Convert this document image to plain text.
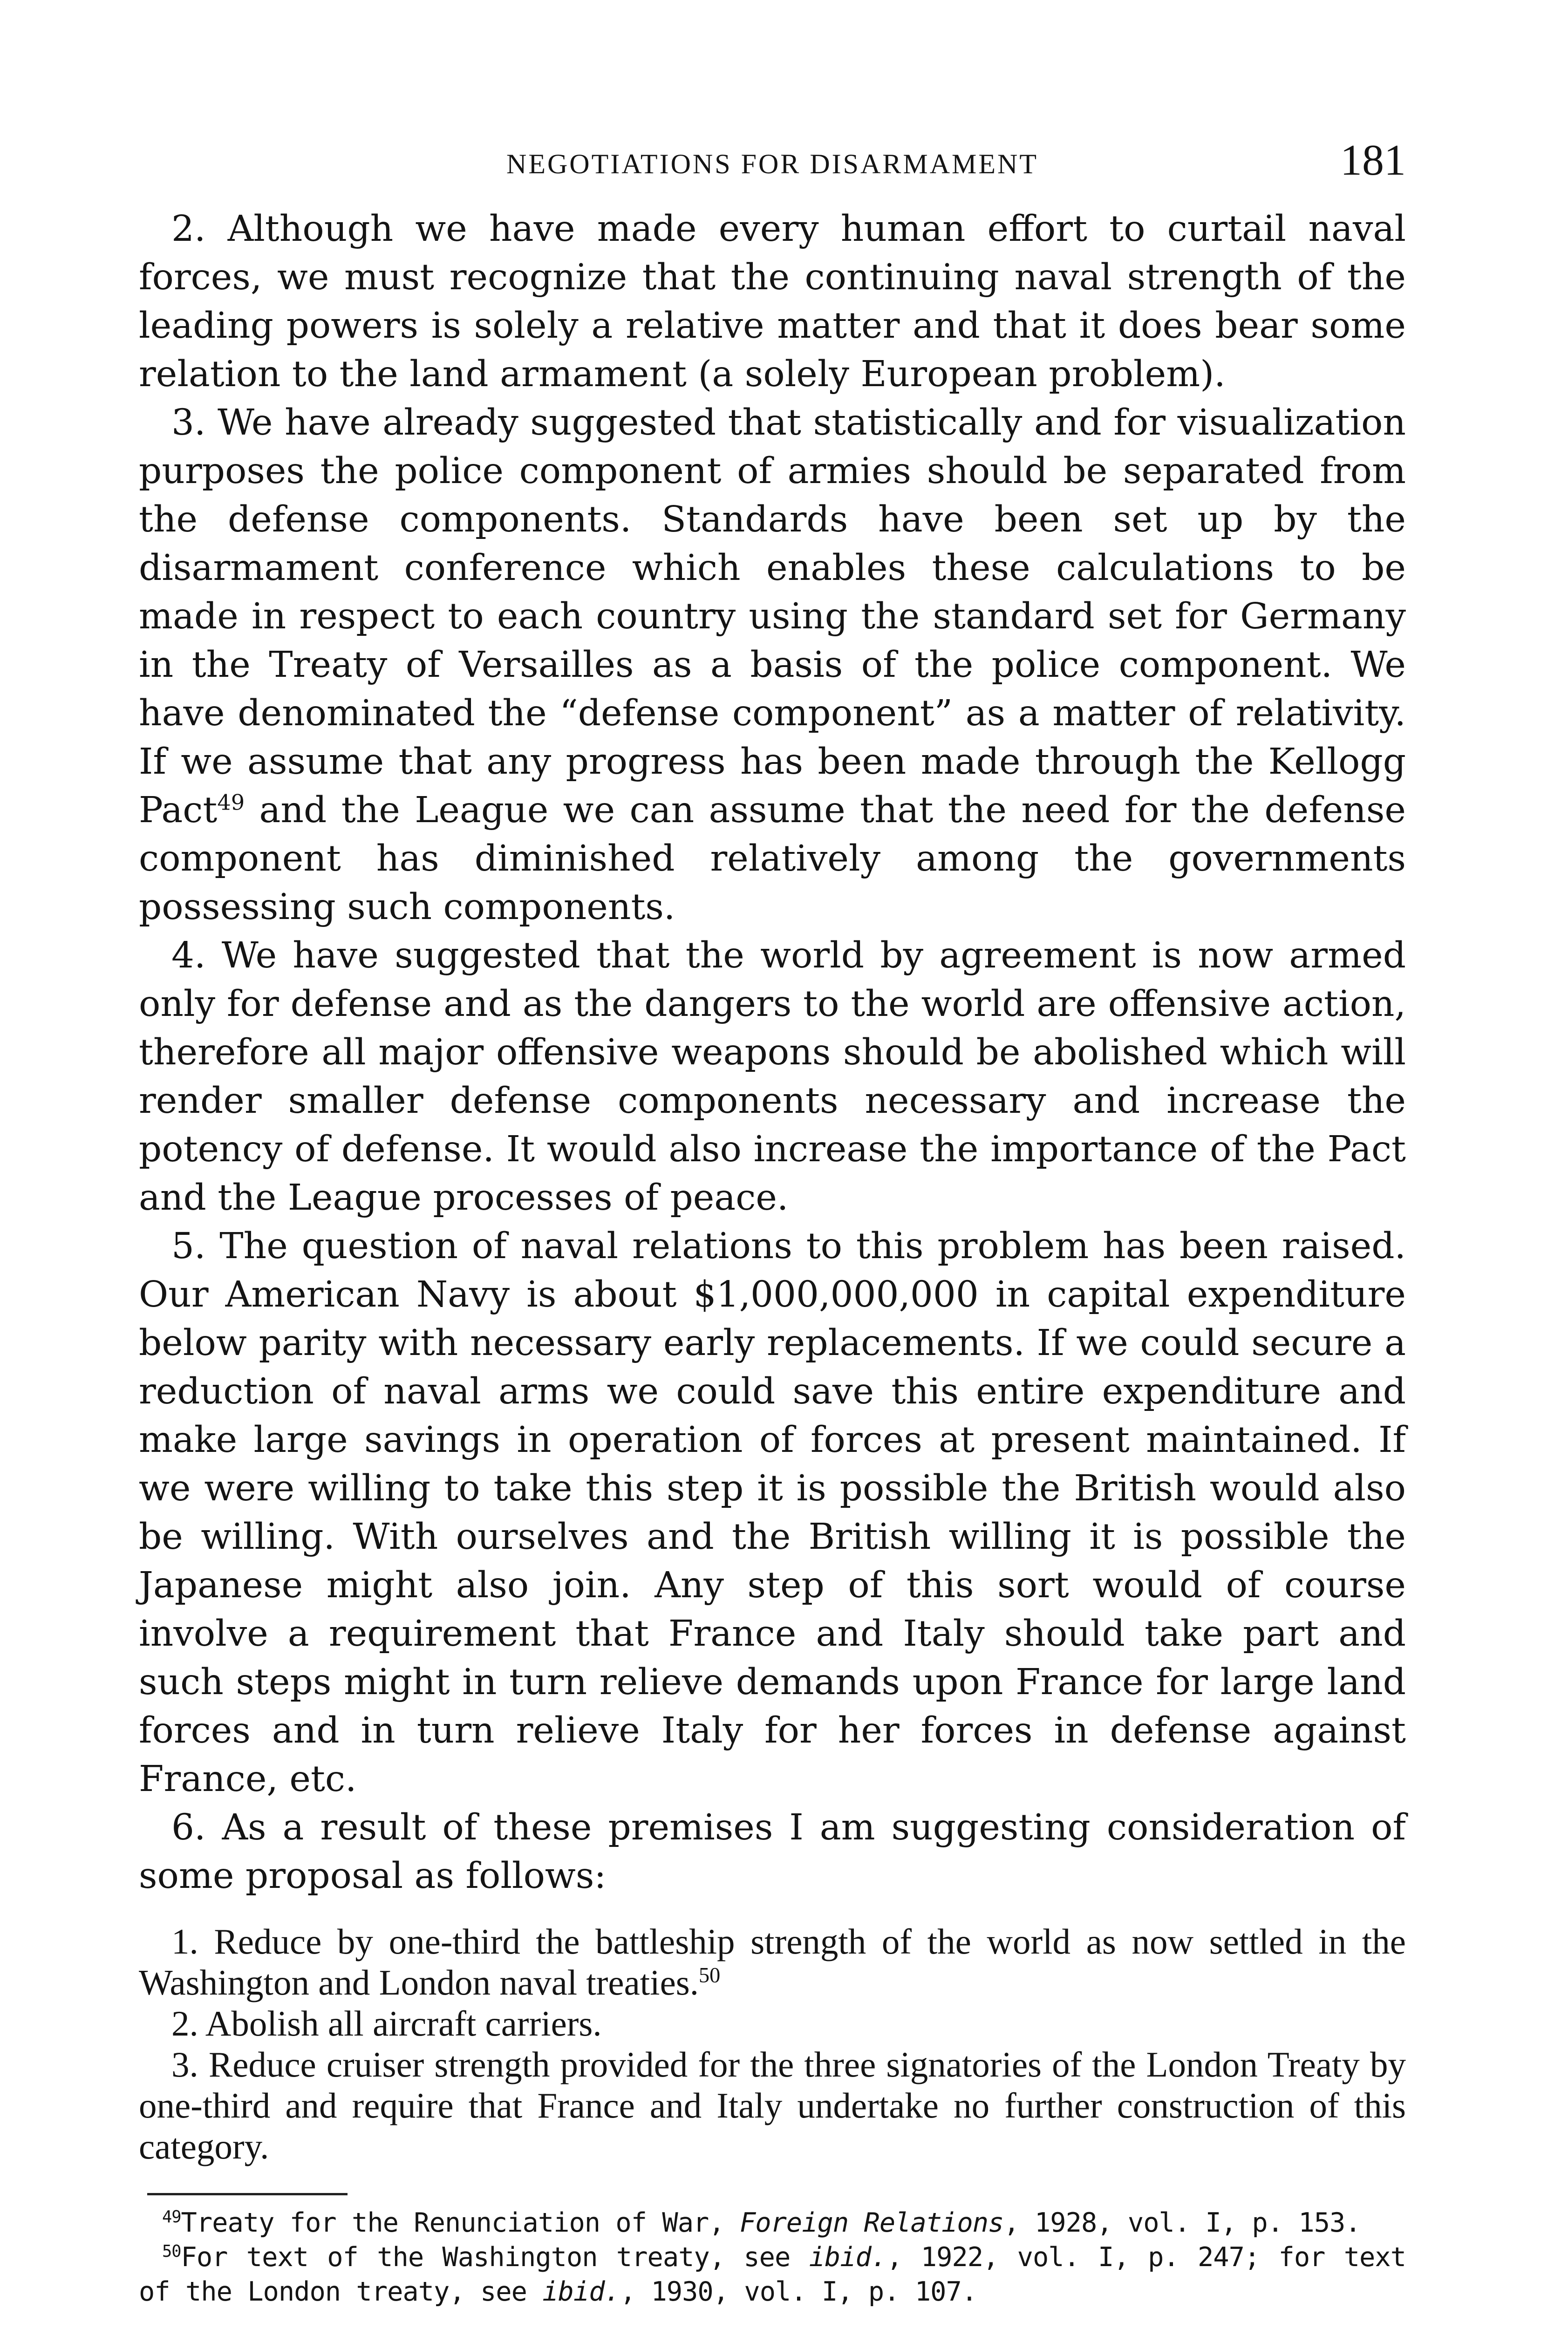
NEGOTIATIONS FOR DISARMAMENT	181

2. Although we have made every human effort to curtail naval forces, we must recognize that the continuing naval strength of the leading powers is solely a relative matter and that it does bear some relation to the land armament (a solely European problem).

3. We have already suggested that statistically and for visualization purposes the police component of armies should be separated from the defense components. Standards have been set up by the disarmament conference which enables these calculations to be made in respect to each country using the standard set for Germany in the Treaty of Versailles as a basis of the police component. We have denominated the “defense component” as a matter of relativity. If we assume that any progress has been made through the Kellogg Pact$^{49}$ and the League we can assume that the need for the defense component has diminished relatively among the governments possessing such components.

4. We have suggested that the world by agreement is now armed only for defense and as the dangers to the world are offensive action, therefore all major offensive weapons should be abolished which will render smaller defense components necessary and increase the potency of defense. It would also increase the importance of the Pact and the League processes of peace.

5. The question of naval relations to this problem has been raised. Our American Navy is about $1,000,000,000 in capital expenditure below parity with necessary early replacements. If we could secure a reduction of naval arms we could save this entire expenditure and make large savings in operation of forces at present maintained. If we were willing to take this step it is possible the British would also be willing. With ourselves and the British willing it is possible the Japanese might also join. Any step of this sort would of course involve a requirement that France and Italy should take part and such steps might in turn relieve demands upon France for large land forces and in turn relieve Italy for her forces in defense against France, etc.

6. As a result of these premises I am suggesting consideration of some proposal as follows:

1. Reduce by one-third the battleship strength of the world as now settled in the Washington and London naval treaties.$^{50}$

2. Abolish all aircraft carriers.

3. Reduce cruiser strength provided for the three signatories of the London Treaty by one-third and require that France and Italy undertake no further construction of this category.

$^{49}$Treaty for the Renunciation of War, Foreign Relations, 1928, vol. I, p. 153.

$^{50}$For text of the Washington treaty, see ibid., 1922, vol. I, p. 247; for text of the London treaty, see ibid., 1930, vol. I, p. 107.
